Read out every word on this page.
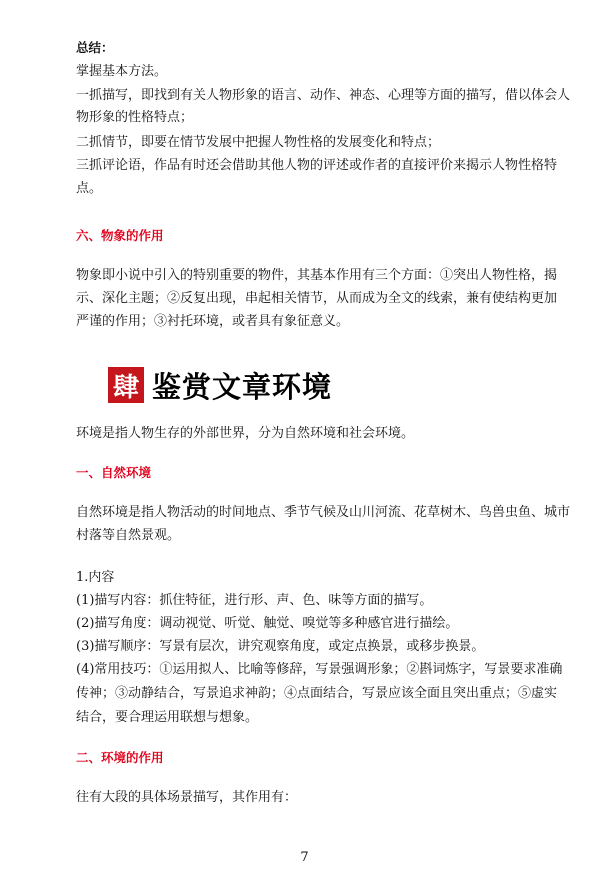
总结：
掌握基本方法。
一抓描写，即找到有关人物形象的语言、动作、神态、心理等方面的描写，借以体会人
物形象的性格特点；
二抓情节，即要在情节发展中把握人物性格的发展变化和特点；
三抓评论语，作品有时还会借助其他人物的评述或作者的直接评价来揭示人物性格特
点。
六、物象的作用
物象即小说中引入的特别重要的物件，其基本作用有三个方面：①突出人物性格，揭
示、深化主题；②反复出现，串起相关情节，从而成为全文的线索，兼有使结构更加
严谨的作用；③衬托环境，或者具有象征意义。
肆 鉴赏文章环境
环境是指人物生存的外部世界，分为自然环境和社会环境。
一、自然环境
自然环境是指人物活动的时间地点、季节气候及山川河流、花草树木、鸟兽虫鱼、城市
村落等自然景观。
1.内容
(1)描写内容：抓住特征，进行形、声、色、味等方面的描写。
(2)描写角度：调动视觉、听觉、触觉、嗅觉等多种感官进行描绘。
(3)描写顺序：写景有层次，讲究观察角度，或定点换景，或移步换景。
(4)常用技巧：①运用拟人、比喻等修辞，写景强调形象；②斟词炼字，写景要求准确
传神；③动静结合，写景追求神韵；④点面结合，写景应该全面且突出重点；⑤虚实
结合，要合理运用联想与想象。
二、环境的作用
往有大段的具体场景描写，其作用有：
7
